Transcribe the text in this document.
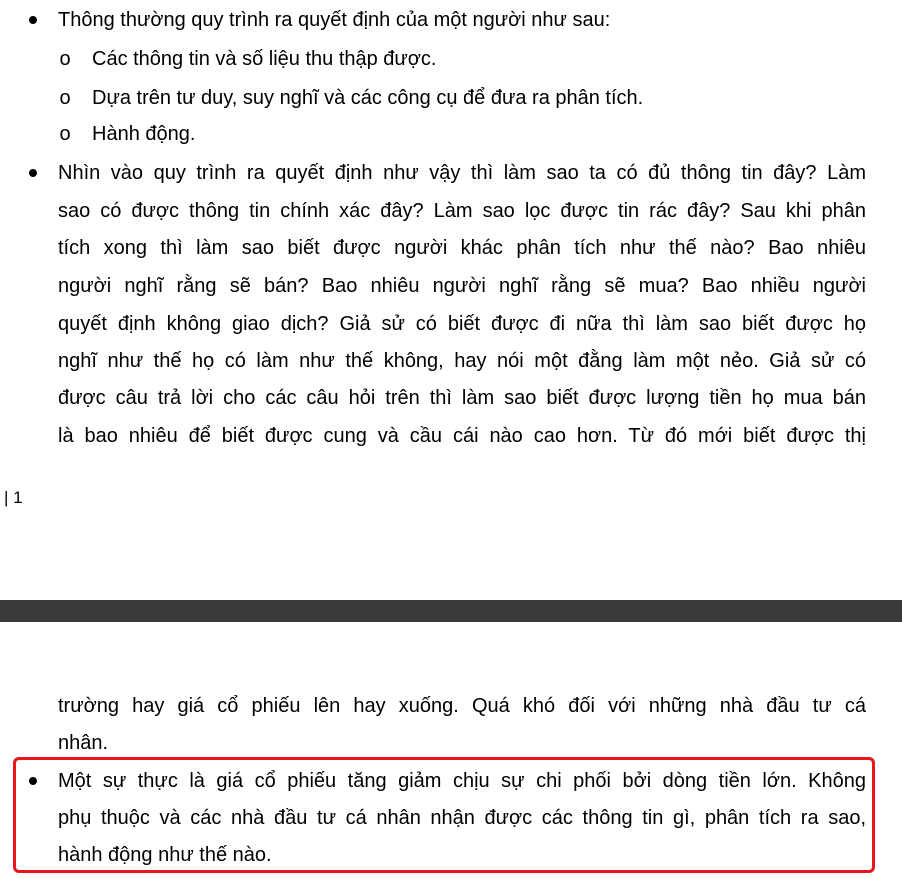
Thông thường quy trình ra quyết định của một người như sau:
o Các thông tin và số liệu thu thập được.
o Dựa trên tư duy, suy nghĩ và các công cụ để đưa ra phân tích.
o Hành động.
Nhìn vào quy trình ra quyết định như vậy thì làm sao ta có đủ thông tin đây? Làm
sao có được thông tin chính xác đây? Làm sao lọc được tin rác đây? Sau khi phân
tích xong thì làm sao biết được người khác phân tích như thế nào? Bao nhiêu
người nghĩ rằng sẽ bán? Bao nhiêu người nghĩ rằng sẽ mua? Bao nhiều người
quyết định không giao dịch? Giả sử có biết được đi nữa thì làm sao biết được họ
nghĩ như thế họ có làm như thế không, hay nói một đằng làm một nẻo. Giả sử có
được câu trả lời cho các câu hỏi trên thì làm sao biết được lượng tiền họ mua bán
là bao nhiêu để biết được cung và cầu cái nào cao hơn. Từ đó mới biết được thị
| 1
trường hay giá cổ phiếu lên hay xuống. Quá khó đối với những nhà đầu tư cá
nhân.
Một sự thực là giá cổ phiếu tăng giảm chịu sự chi phối bởi dòng tiền lớn. Không
phụ thuộc và các nhà đầu tư cá nhân nhận được các thông tin gì, phân tích ra sao,
hành động như thế nào.
